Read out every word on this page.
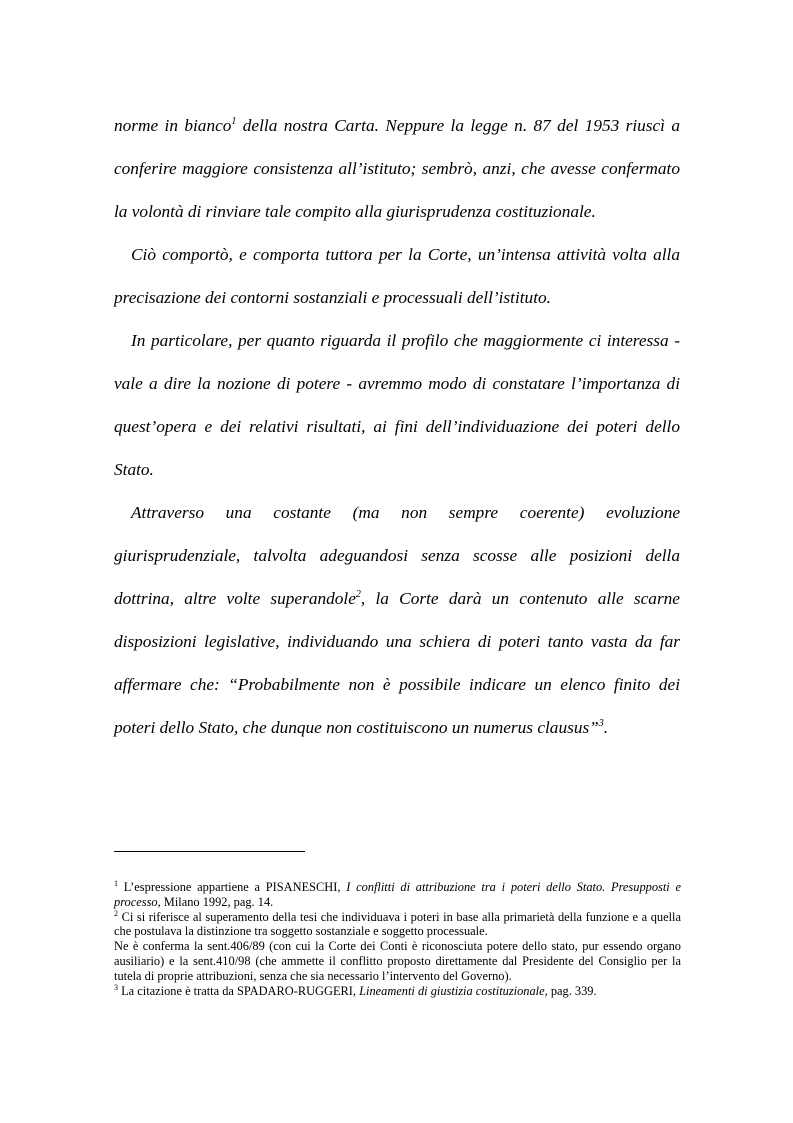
norme in bianco$^1$ della nostra Carta. Neppure la legge n. 87 del 1953 riuscì a conferire maggiore consistenza all’istituto; sembrò, anzi, che avesse confermato la volontà di rinviare tale compito alla giurisprudenza costituzionale.

Ciò comportò, e comporta tuttora per la Corte, un’intensa attività volta alla precisazione dei contorni sostanziali e processuali dell’istituto.

In particolare, per quanto riguarda il profilo che maggiormente ci interessa - vale a dire la nozione di potere - avremmo modo di constatare l’importanza di quest’opera e dei relativi risultati, ai fini dell’individuazione dei poteri dello Stato.

Attraverso una costante (ma non sempre coerente) evoluzione giurisprudenziale, talvolta adeguandosi senza scosse alle posizioni della dottrina, altre volte superandole$^2$, la Corte darà un contenuto alle scarne disposizioni legislative, individuando una schiera di poteri tanto vasta da far affermare che: “Probabilmente non è possibile indicare un elenco finito dei poteri dello Stato, che dunque non costituiscono un numerus clausus”$^3$.

$^1$ L’espressione appartiene a PISANESCHI, I conflitti di attribuzione tra i poteri dello Stato. Presupposti e processo, Milano 1992, pag. 14.

$^2$ Ci si riferisce al superamento della tesi che individuava i poteri in base alla primarietà della funzione e a quella che postulava la distinzione tra soggetto sostanziale e soggetto processuale.

Ne è conferma la sent.406/89 (con cui la Corte dei Conti è riconosciuta potere dello stato, pur essendo organo ausiliario) e la sent.410/98 (che ammette il conflitto proposto direttamente dal Presidente del Consiglio per la tutela di proprie attribuzioni, senza che sia necessario l’intervento del Governo).

$^3$ La citazione è tratta da SPADARO-RUGGERI, Lineamenti di giustizia costituzionale, pag. 339.
